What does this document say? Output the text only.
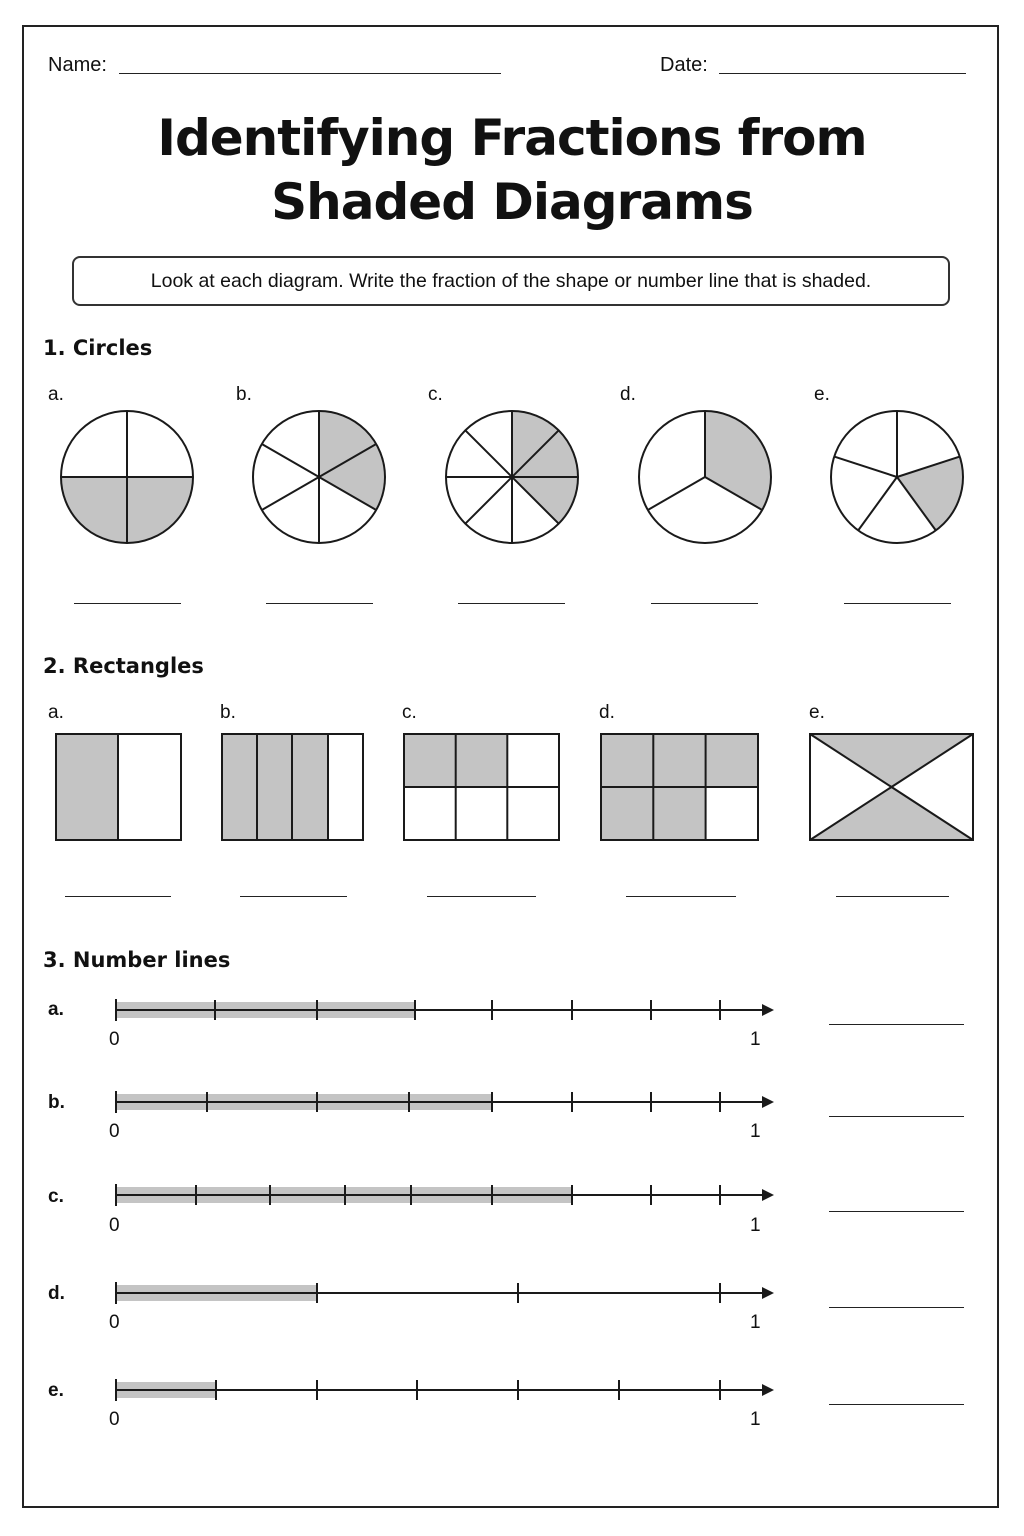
Name:	Date:
Identifying Fractions from
Shaded Diagrams
Look at each diagram. Write the fraction of the shape or number line that is shaded.
1. Circles
a.	b.	c.	d.	e.
2. Rectangles
a.	b.	c.	d.	e.
3. Number lines
a.
0	1
b.
0	1
c.
0	1
d.
0	1
e.
0	1
